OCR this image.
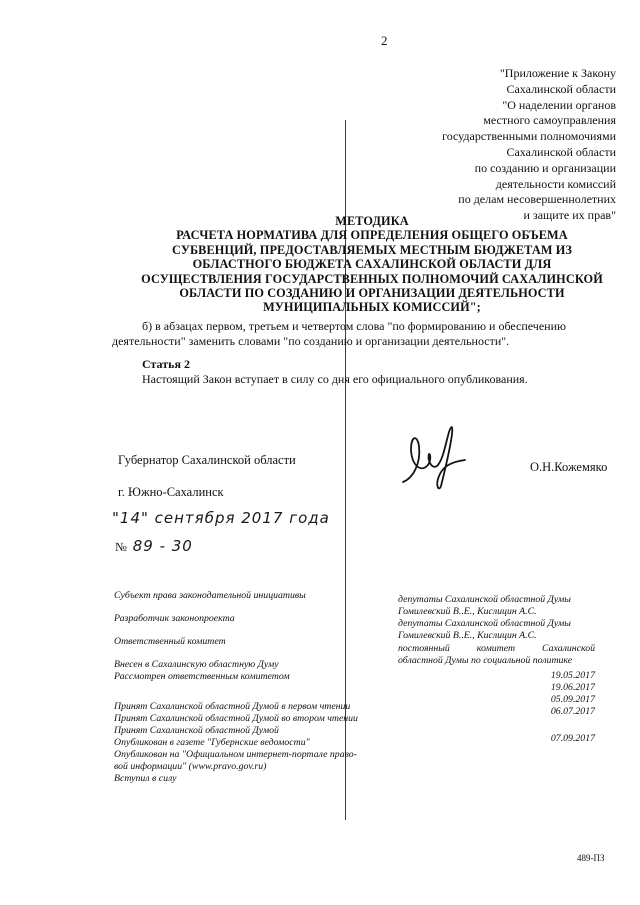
2
"Приложение к Закону
Сахалинской области
"О наделении органов
местного самоуправления
государственными полномочиями
Сахалинской области
по созданию и организации
деятельности комиссий
по делам несовершеннолетних
и защите их прав"
МЕТОДИКА
РАСЧЕТА НОРМАТИВА ДЛЯ ОПРЕДЕЛЕНИЯ ОБЩЕГО ОБЪЕМА
СУБВЕНЦИЙ, ПРЕДОСТАВЛЯЕМЫХ МЕСТНЫМ БЮДЖЕТАМ ИЗ
ОБЛАСТНОГО БЮДЖЕТА САХАЛИНСКОЙ ОБЛАСТИ ДЛЯ
ОСУЩЕСТВЛЕНИЯ ГОСУДАРСТВЕННЫХ ПОЛНОМОЧИЙ САХАЛИНСКОЙ
ОБЛАСТИ ПО СОЗДАНИЮ И ОРГАНИЗАЦИИ ДЕЯТЕЛЬНОСТИ
МУНИЦИПАЛЬНЫХ КОМИССИЙ";
б) в абзацах первом, третьем и четвертом слова "по формированию и обеспечению деятельности" заменить словами "по созданию и организации деятельности".
Статья 2
Настоящий Закон вступает в силу со дня его официального опубликования.
Губернатор Сахалинской области	О.Н.Кожемяко
г. Южно-Сахалинск
"14" сентября 2017 года
№ 89 - 30
Субъект права законодательной инициативы
Разработчик законопроекта
Ответственный комитет
Внесен в Сахалинскую областную Думу
Рассмотрен ответственным комитетом
Принят Сахалинской областной Думой в первом чтении
Принят Сахалинской областной Думой во втором чтении
Принят Сахалинской областной Думой
Опубликован в газете "Губернские ведомости"
Опубликован на "Официальном интернет-портале право-
вой информации" (www.pravo.gov.ru)
Вступил в силу
депутаты Сахалинской областной Думы
Гомилевский В..Е., Кислицин А.С.
депутаты Сахалинской областной Думы
Гомилевский В..Е., Кислицин А.С.
постоянный комитет Сахалинской
областной Думы по социальной политике
19.05.2017
19.06.2017
05.09.2017
06.07.2017
07.09.2017
489-ПЗ
